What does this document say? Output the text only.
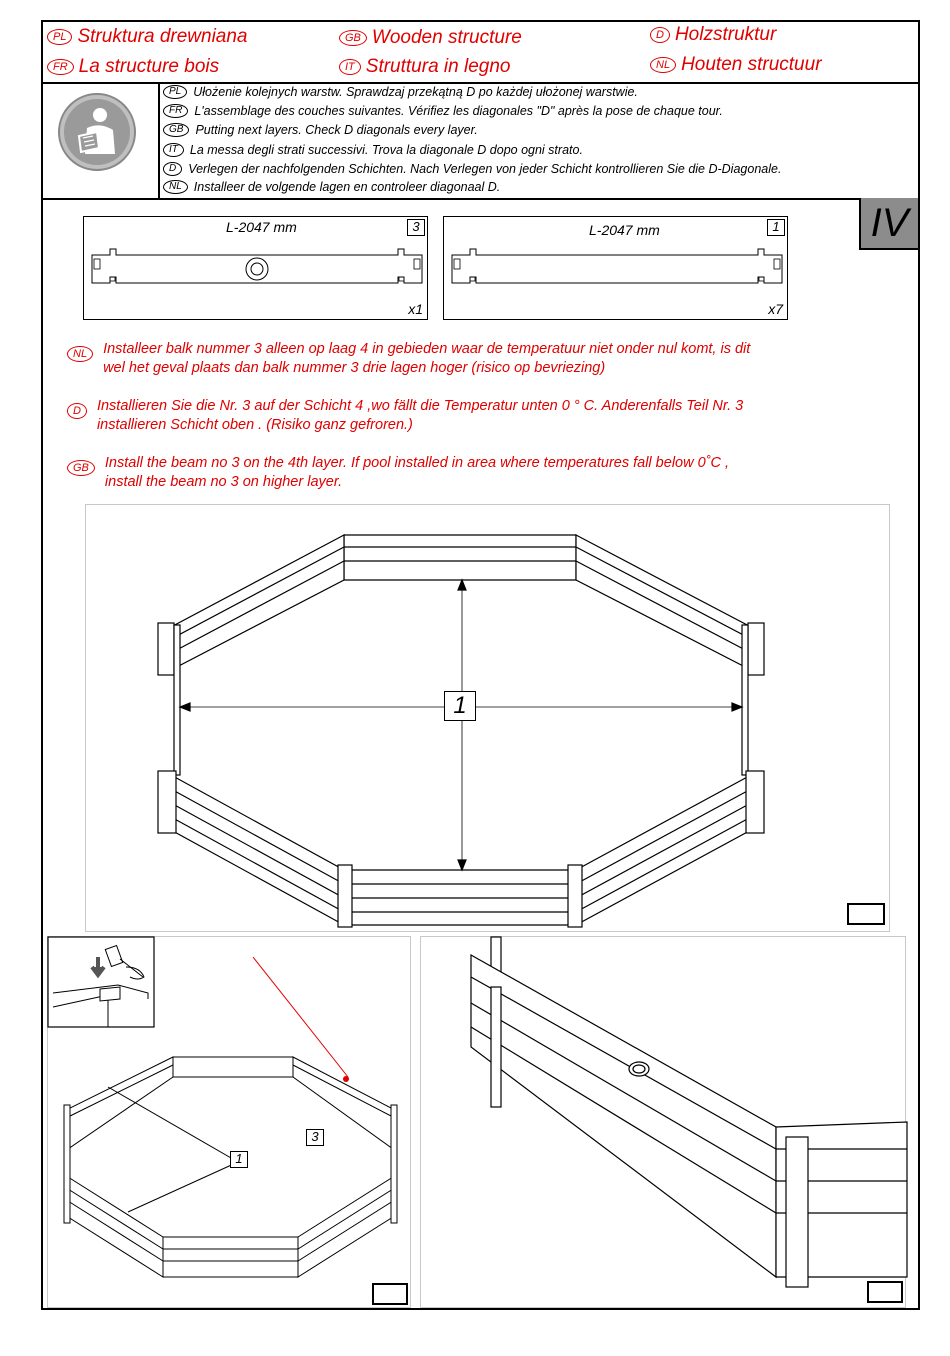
PL Struktura drewniana	GB Wooden structure	D Holzstruktur
FR La structure bois	IT Struttura in legno	NL Houten structuur
PL Ułożenie kolejnych warstw. Sprawdzaj przekątną D po każdej ułożonej warstwie.
FR L'assemblage des couches suivantes. Vérifiez les diagonales "D" après la pose de chaque tour.
GB Putting next layers. Check D diagonals every layer.
IT La messa degli strati successivi. Trova la diagonale D dopo ogni strato.
D Verlegen der nachfolgenden Schichten. Nach Verlegen von jeder Schicht kontrollieren Sie die D-Diagonale.
NL Installeer de volgende lagen en controleer diagonaal D.
IV
L-2047 mm	3
x1
L-2047 mm	1
x7
NL	Installeer balk nummer 3 alleen op laag 4 in gebieden waar de temperatuur niet onder nul komt, is dit
wel het geval plaats dan balk nummer 3 drie lagen hoger (risico op bevriezing)
D	Installieren Sie die Nr. 3 auf der Schicht 4 ,wo fällt die Temperatur unten 0 ° C. Anderenfalls Teil Nr. 3
installieren Schicht oben . (Risiko ganz gefroren.)
GB	Install the beam no 3 on the 4th layer. If pool installed in area where temperatures fall below 0˚C ,
install the beam no 3 on higher layer.
1
1
3
